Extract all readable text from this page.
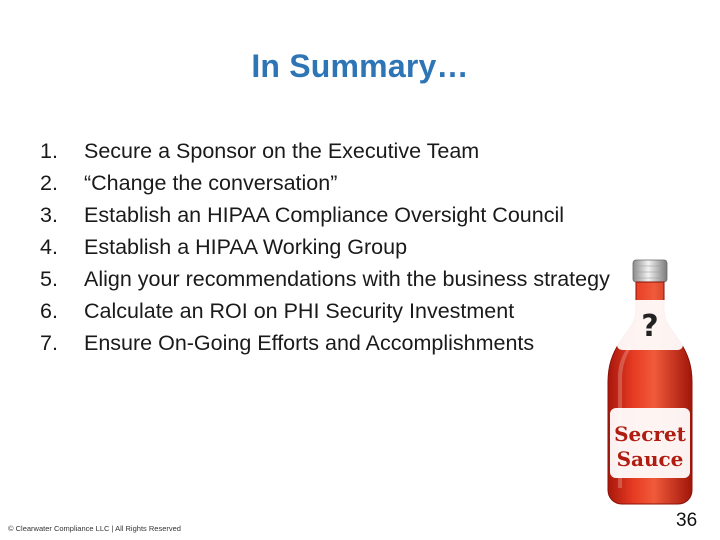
In Summary…
1.	Secure a Sponsor on the Executive Team
2.	“Change the conversation”
3.	Establish an HIPAA Compliance Oversight Council
4.	Establish a HIPAA Working Group
5.	Align your recommendations with the business strategy
6.	Calculate an ROI on PHI Security Investment
7.	Ensure On-Going Efforts and Accomplishments	?
Secret
Sauce
© Clearwater Compliance LLC | All Rights Reserved	36
